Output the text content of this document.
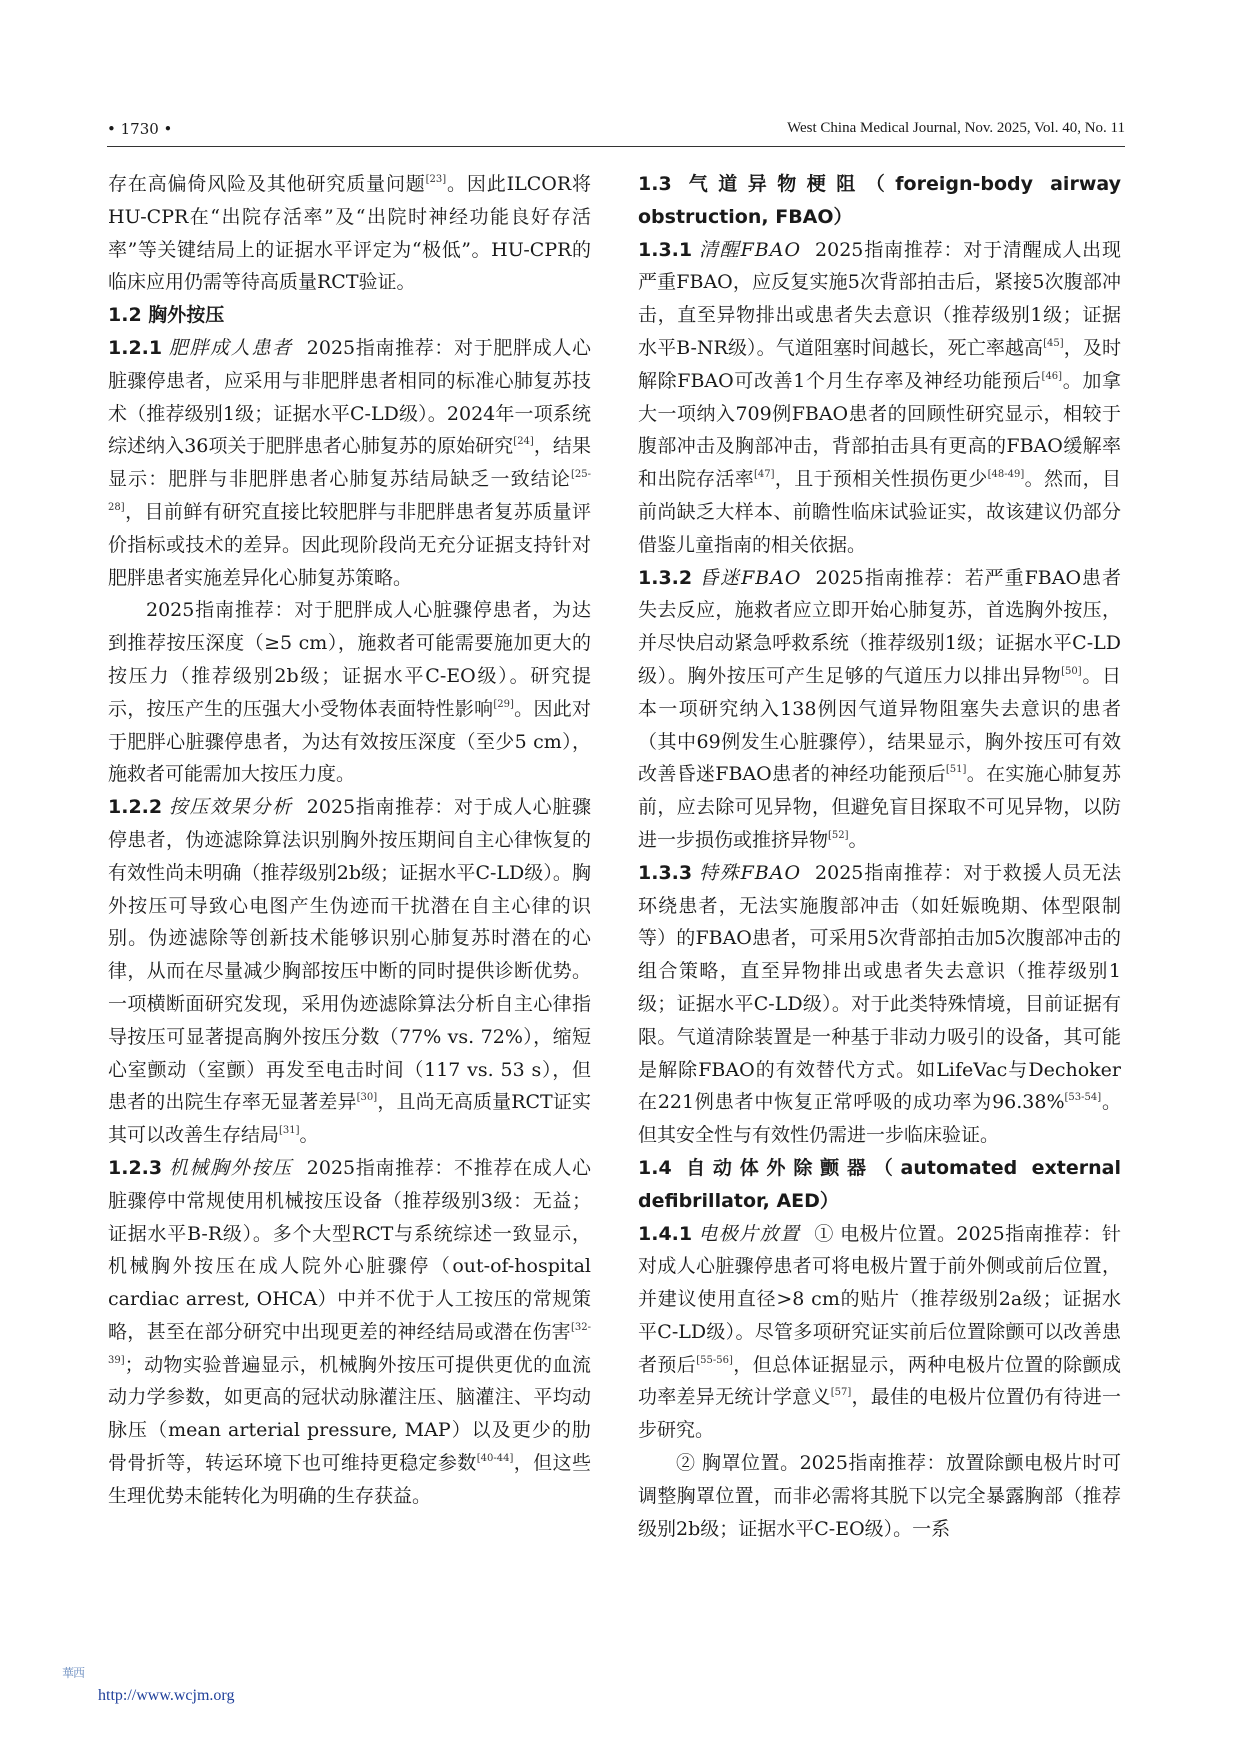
• 1730 •	West China Medical Journal, Nov. 2025, Vol. 40, No. 11

存在高偏倚风险及其他研究质量问题[23]。因此ILCOR将HU-CPR在“出院存活率”及“出院时神经功能良好存活率”等关键结局上的证据水平评定为“极低”。HU-CPR的临床应用仍需等待高质量RCT验证。

1.2 胸外按压

1.2.1 肥胖成人患者 2025指南推荐：对于肥胖成人心脏骤停患者，应采用与非肥胖患者相同的标准心肺复苏技术（推荐级别1级；证据水平C-LD级）。2024年一项系统综述纳入36项关于肥胖患者心肺复苏的原始研究[24]，结果显示：肥胖与非肥胖患者心肺复苏结局缺乏一致结论[25-28]，目前鲜有研究直接比较肥胖与非肥胖患者复苏质量评价指标或技术的差异。因此现阶段尚无充分证据支持针对肥胖患者实施差异化心肺复苏策略。

2025指南推荐：对于肥胖成人心脏骤停患者，为达到推荐按压深度（≥5 cm），施救者可能需要施加更大的按压力（推荐级别2b级；证据水平C-EO级）。研究提示，按压产生的压强大小受物体表面特性影响[29]。因此对于肥胖心脏骤停患者，为达有效按压深度（至少5 cm），施救者可能需加大按压力度。

1.2.2 按压效果分析 2025指南推荐：对于成人心脏骤停患者，伪迹滤除算法识别胸外按压期间自主心律恢复的有效性尚未明确（推荐级别2b级；证据水平C-LD级）。胸外按压可导致心电图产生伪迹而干扰潜在自主心律的识别。伪迹滤除等创新技术能够识别心肺复苏时潜在的心律，从而在尽量减少胸部按压中断的同时提供诊断优势。一项横断面研究发现，采用伪迹滤除算法分析自主心律指导按压可显著提高胸外按压分数（77% vs. 72%），缩短心室颤动（室颤）再发至电击时间（117 vs. 53 s），但患者的出院生存率无显著差异[30]，且尚无高质量RCT证实其可以改善生存结局[31]。

1.2.3 机械胸外按压 2025指南推荐：不推荐在成人心脏骤停中常规使用机械按压设备（推荐级别3级：无益；证据水平B-R级）。多个大型RCT与系统综述一致显示，机械胸外按压在成人院外心脏骤停（out-of-hospital cardiac arrest, OHCA）中并不优于人工按压的常规策略，甚至在部分研究中出现更差的神经结局或潜在伤害[32-39]；动物实验普遍显示，机械胸外按压可提供更优的血流动力学参数，如更高的冠状动脉灌注压、脑灌注、平均动脉压（mean arterial pressure, MAP）以及更少的肋骨骨折等，转运环境下也可维持更稳定参数[40-44]，但这些生理优势未能转化为明确的生存获益。

1.3 气道异物梗阻（foreign-body airway obstruction, FBAO）

1.3.1 清醒FBAO 2025指南推荐：对于清醒成人出现严重FBAO，应反复实施5次背部拍击后，紧接5次腹部冲击，直至异物排出或患者失去意识（推荐级别1级；证据水平B-NR级）。气道阻塞时间越长，死亡率越高[45]，及时解除FBAO可改善1个月生存率及神经功能预后[46]。加拿大一项纳入709例FBAO患者的回顾性研究显示，相较于腹部冲击及胸部冲击，背部拍击具有更高的FBAO缓解率和出院存活率[47]，且于预相关性损伤更少[48-49]。然而，目前尚缺乏大样本、前瞻性临床试验证实，故该建议仍部分借鉴儿童指南的相关依据。

1.3.2 昏迷FBAO 2025指南推荐：若严重FBAO患者失去反应，施救者应立即开始心肺复苏，首选胸外按压，并尽快启动紧急呼救系统（推荐级别1级；证据水平C-LD级）。胸外按压可产生足够的气道压力以排出异物[50]。日本一项研究纳入138例因气道异物阻塞失去意识的患者（其中69例发生心脏骤停），结果显示，胸外按压可有效改善昏迷FBAO患者的神经功能预后[51]。在实施心肺复苏前，应去除可见异物，但避免盲目探取不可见异物，以防进一步损伤或推挤异物[52]。

1.3.3 特殊FBAO 2025指南推荐：对于救援人员无法环绕患者，无法实施腹部冲击（如妊娠晚期、体型限制等）的FBAO患者，可采用5次背部拍击加5次腹部冲击的组合策略，直至异物排出或患者失去意识（推荐级别1级；证据水平C-LD级）。对于此类特殊情境，目前证据有限。气道清除装置是一种基于非动力吸引的设备，其可能是解除FBAO的有效替代方式。如LifeVac与Dechoker在221例患者中恢复正常呼吸的成功率为96.38%[53-54]。但其安全性与有效性仍需进一步临床验证。

1.4 自动体外除颤器（automated external defibrillator, AED）

1.4.1 电极片放置 ① 电极片位置。2025指南推荐：针对成人心脏骤停患者可将电极片置于前外侧或前后位置，并建议使用直径>8 cm的贴片（推荐级别2a级；证据水平C-LD级）。尽管多项研究证实前后位置除颤可以改善患者预后[55-56]，但总体证据显示，两种电极片位置的除颤成功率差异无统计学意义[57]，最佳的电极片位置仍有待进一步研究。

② 胸罩位置。2025指南推荐：放置除颤电极片时可调整胸罩位置，而非必需将其脱下以完全暴露胸部（推荐级别2b级；证据水平C-EO级）。一系

華西
http://www.wcjm.org
